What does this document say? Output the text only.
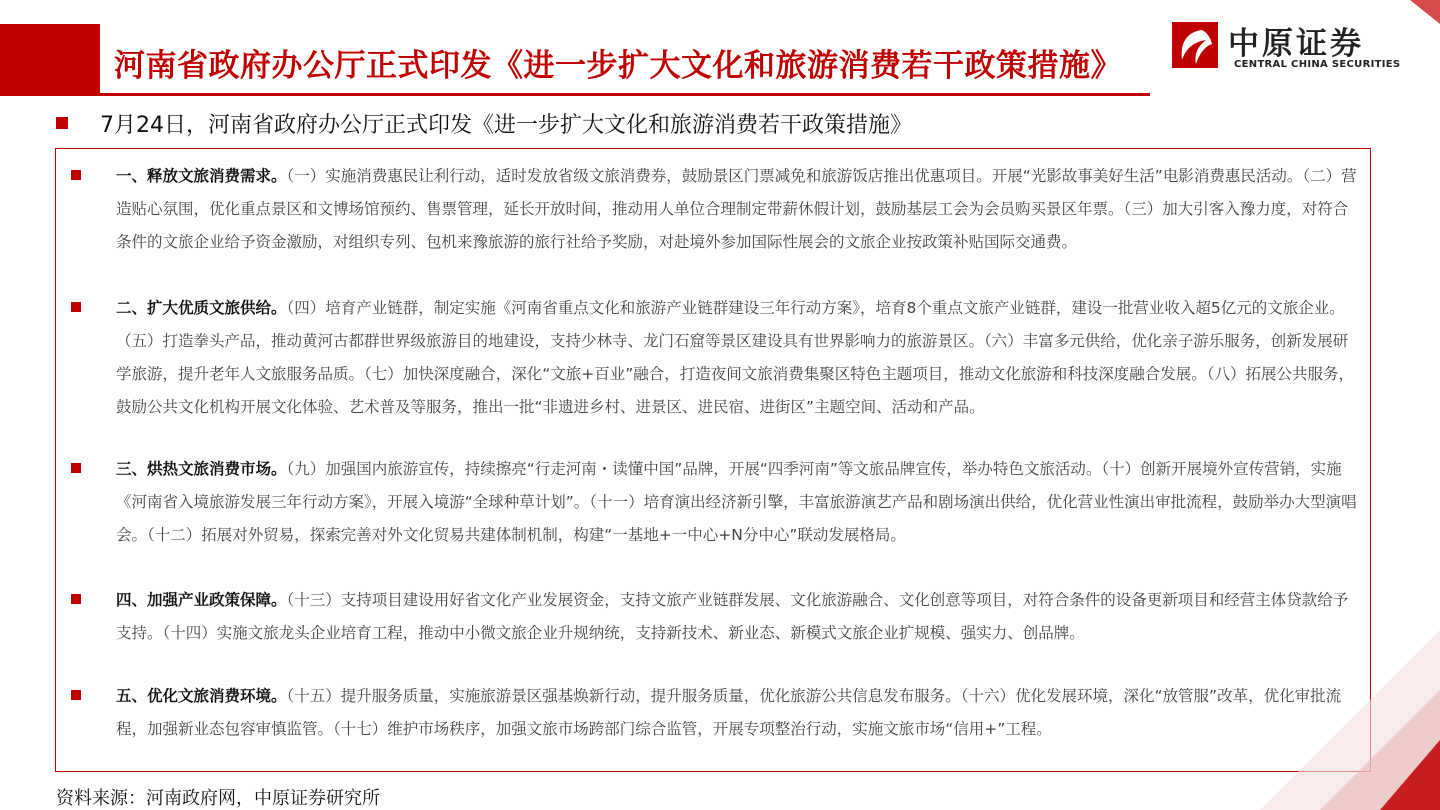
河南省政府办公厅正式印发《进一步扩大文化和旅游消费若干政策措施》
中原证券
CENTRAL CHINA SECURITIES
7月24日，河南省政府办公厅正式印发《进一步扩大文化和旅游消费若干政策措施》
一、释放文旅消费需求。（一）实施消费惠民让利行动，适时发放省级文旅消费券，鼓励景区门票减免和旅游饭店推出优惠项目。开展“光影故事美好生活”电影消费惠民活动。（二）营造贴心氛围，优化重点景区和文博场馆预约、售票管理，延长开放时间，推动用人单位合理制定带薪休假计划，鼓励基层工会为会员购买景区年票。（三）加大引客入豫力度，对符合条件的文旅企业给予资金激励，对组织专列、包机来豫旅游的旅行社给予奖励，对赴境外参加国际性展会的文旅企业按政策补贴国际交通费。
二、扩大优质文旅供给。（四）培育产业链群，制定实施《河南省重点文化和旅游产业链群建设三年行动方案》，培育8个重点文旅产业链群，建设一批营业收入超5亿元的文旅企业。（五）打造拳头产品，推动黄河古都群世界级旅游目的地建设，支持少林寺、龙门石窟等景区建设具有世界影响力的旅游景区。（六）丰富多元供给，优化亲子游乐服务，创新发展研学旅游，提升老年人文旅服务品质。（七）加快深度融合，深化“文旅+百业”融合，打造夜间文旅消费集聚区特色主题项目，推动文化旅游和科技深度融合发展。（八）拓展公共服务，鼓励公共文化机构开展文化体验、艺术普及等服务，推出一批“非遗进乡村、进景区、进民宿、进街区”主题空间、活动和产品。
三、烘热文旅消费市场。（九）加强国内旅游宣传，持续擦亮“行走河南・读懂中国”品牌，开展“四季河南”等文旅品牌宣传，举办特色文旅活动。（十）创新开展境外宣传营销，实施《河南省入境旅游发展三年行动方案》，开展入境游“全球种草计划”。（十一）培育演出经济新引擎，丰富旅游演艺产品和剧场演出供给，优化营业性演出审批流程，鼓励举办大型演唱会。（十二）拓展对外贸易，探索完善对外文化贸易共建体制机制，构建“一基地+一中心+N分中心”联动发展格局。
四、加强产业政策保障。（十三）支持项目建设用好省文化产业发展资金，支持文旅产业链群发展、文化旅游融合、文化创意等项目，对符合条件的设备更新项目和经营主体贷款给予支持。（十四）实施文旅龙头企业培育工程，推动中小微文旅企业升规纳统，支持新技术、新业态、新模式文旅企业扩规模、强实力、创品牌。
五、优化文旅消费环境。（十五）提升服务质量，实施旅游景区强基焕新行动，提升服务质量，优化旅游公共信息发布服务。（十六）优化发展环境，深化“放管服”改革，优化审批流程，加强新业态包容审慎监管。（十七）维护市场秩序，加强文旅市场跨部门综合监管，开展专项整治行动，实施文旅市场“信用+”工程。
资料来源：河南政府网，中原证券研究所
